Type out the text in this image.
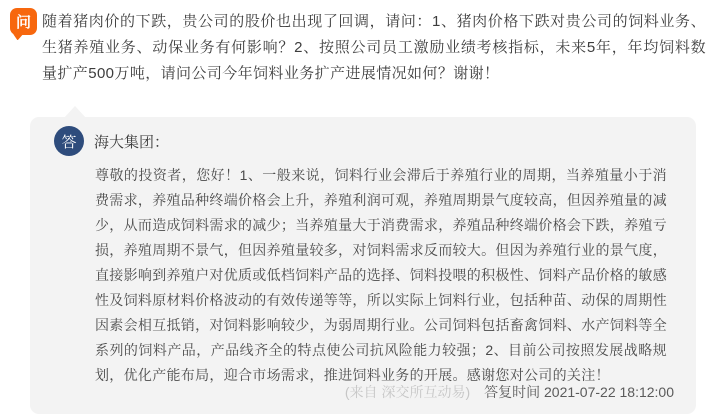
问 随着猪肉价的下跌，贵公司的股价也出现了回调，请问：1、猪肉价格下跌对贵公司的饲料业务、生猪养殖业务、动保业务有何影响？2、按照公司员工激励业绩考核指标，未来5年，年均饲料数量扩产500万吨，请问公司今年饲料业务扩产进展情况如何？谢谢！
答	海大集团：
尊敬的投资者，您好！1、一般来说，饲料行业会滞后于养殖行业的周期，当养殖量小于消费需求，养殖品种终端价格会上升，养殖利润可观，养殖周期景气度较高，但因养殖量的减少，从而造成饲料需求的减少；当养殖量大于消费需求，养殖品种终端价格会下跌，养殖亏损，养殖周期不景气，但因养殖量较多，对饲料需求反而较大。但因为养殖行业的景气度，直接影响到养殖户对优质或低档饲料产品的选择、饲料投喂的积极性、饲料产品价格的敏感性及饲料原材料价格波动的有效传递等等，所以实际上饲料行业，包括种苗、动保的周期性因素会相互抵销，对饲料影响较少，为弱周期行业。公司饲料包括畜禽饲料、水产饲料等全系列的饲料产品，产品线齐全的特点使公司抗风险能力较强；2、目前公司按照发展战略规划，优化产能布局，迎合市场需求，推进饲料业务的开展。感谢您对公司的关注！
(来自 深交所互动易) 答复时间 2021-07-22 18:12:00
